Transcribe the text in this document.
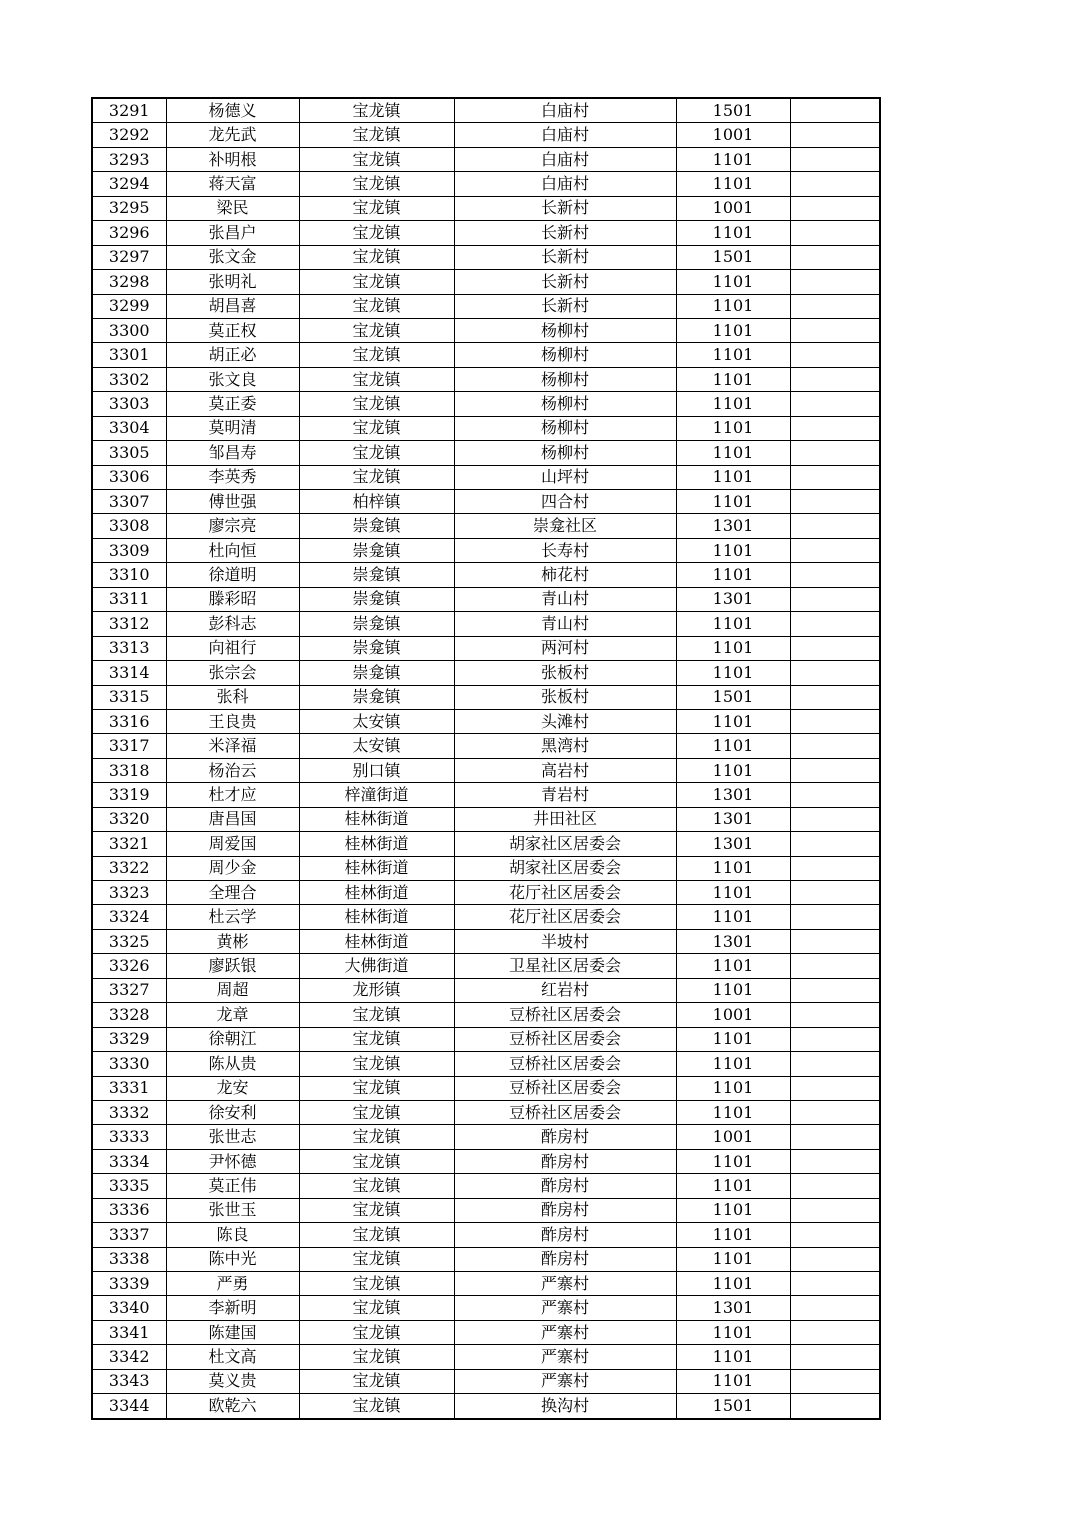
3291	杨德义	宝龙镇	白庙村	1501	
3292	龙先武	宝龙镇	白庙村	1001	
3293	补明根	宝龙镇	白庙村	1101	
3294	蒋天富	宝龙镇	白庙村	1101	
3295	梁民	宝龙镇	长新村	1001	
3296	张昌户	宝龙镇	长新村	1101	
3297	张文金	宝龙镇	长新村	1501	
3298	张明礼	宝龙镇	长新村	1101	
3299	胡昌喜	宝龙镇	长新村	1101	
3300	莫正权	宝龙镇	杨柳村	1101	
3301	胡正必	宝龙镇	杨柳村	1101	
3302	张文良	宝龙镇	杨柳村	1101	
3303	莫正委	宝龙镇	杨柳村	1101	
3304	莫明清	宝龙镇	杨柳村	1101	
3305	邹昌寿	宝龙镇	杨柳村	1101	
3306	李英秀	宝龙镇	山坪村	1101	
3307	傅世强	柏梓镇	四合村	1101	
3308	廖宗亮	崇龛镇	崇龛社区	1301	
3309	杜向恒	崇龛镇	长寿村	1101	
3310	徐道明	崇龛镇	柿花村	1101	
3311	滕彩昭	崇龛镇	青山村	1301	
3312	彭科志	崇龛镇	青山村	1101	
3313	向祖行	崇龛镇	两河村	1101	
3314	张宗会	崇龛镇	张板村	1101	
3315	张科	崇龛镇	张板村	1501	
3316	王良贵	太安镇	头滩村	1101	
3317	米泽福	太安镇	黑湾村	1101	
3318	杨治云	别口镇	高岩村	1101	
3319	杜才应	梓潼街道	青岩村	1301	
3320	唐昌国	桂林街道	井田社区	1301	
3321	周爱国	桂林街道	胡家社区居委会	1301	
3322	周少金	桂林街道	胡家社区居委会	1101	
3323	全理合	桂林街道	花厅社区居委会	1101	
3324	杜云学	桂林街道	花厅社区居委会	1101	
3325	黄彬	桂林街道	半坡村	1301	
3326	廖跃银	大佛街道	卫星社区居委会	1101	
3327	周超	龙形镇	红岩村	1101	
3328	龙章	宝龙镇	豆桥社区居委会	1001	
3329	徐朝江	宝龙镇	豆桥社区居委会	1101	
3330	陈从贵	宝龙镇	豆桥社区居委会	1101	
3331	龙安	宝龙镇	豆桥社区居委会	1101	
3332	徐安利	宝龙镇	豆桥社区居委会	1101	
3333	张世志	宝龙镇	酢房村	1001	
3334	尹怀德	宝龙镇	酢房村	1101	
3335	莫正伟	宝龙镇	酢房村	1101	
3336	张世玉	宝龙镇	酢房村	1101	
3337	陈良	宝龙镇	酢房村	1101	
3338	陈中光	宝龙镇	酢房村	1101	
3339	严勇	宝龙镇	严寨村	1101	
3340	李新明	宝龙镇	严寨村	1301	
3341	陈建国	宝龙镇	严寨村	1101	
3342	杜文高	宝龙镇	严寨村	1101	
3343	莫义贵	宝龙镇	严寨村	1101	
3344	欧乾六	宝龙镇	换沟村	1501	
